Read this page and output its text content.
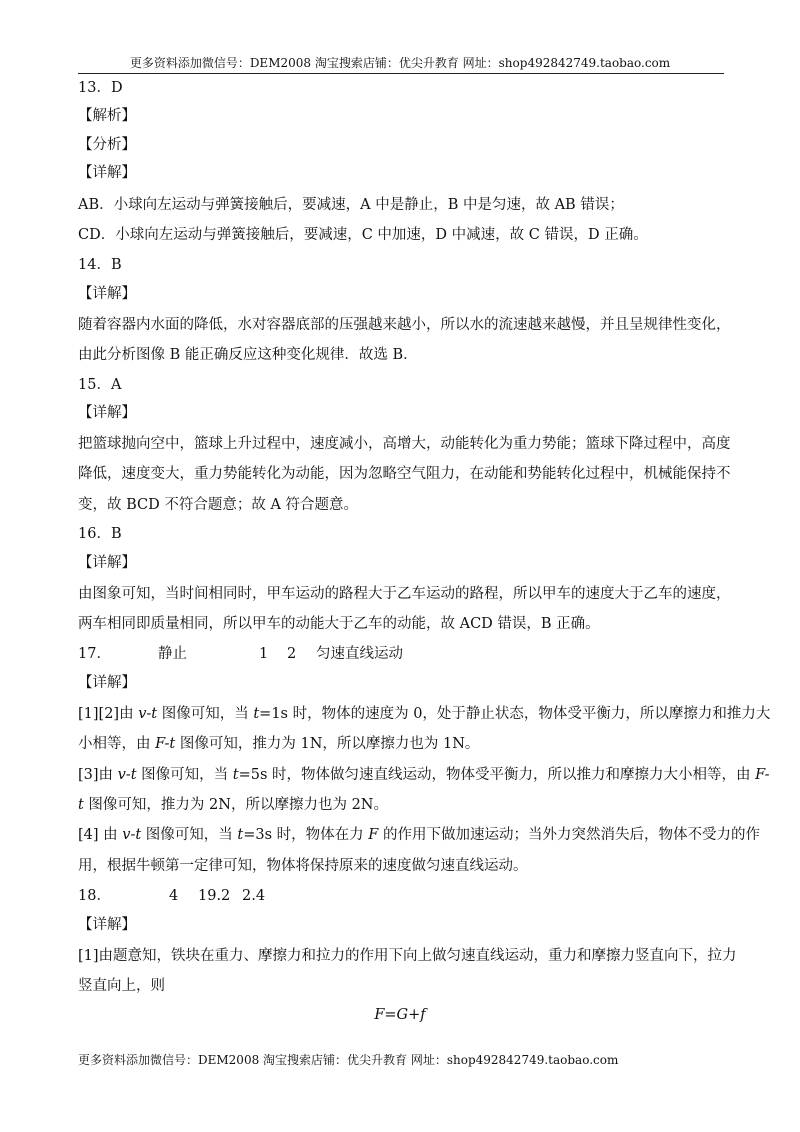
更多资料添加微信号：DEM2008 淘宝搜索店铺：优尖升教育 网址：shop492842749.taobao.com
13．D
【解析】
【分析】
【详解】
AB．小球向左运动与弹簧接触后，要减速，A 中是静止，B 中是匀速，故 AB 错误；
CD．小球向左运动与弹簧接触后，要减速，C 中加速，D 中减速，故 C 错误，D 正确。
14．B
【详解】
随着容器内水面的降低，水对容器底部的压强越来越小，所以水的流速越来越慢，并且呈规律性变化，
由此分析图像 B 能正确反应这种变化规律．故选 B．
15．A
【详解】
把篮球抛向空中，篮球上升过程中，速度减小，高增大，动能转化为重力势能；篮球下降过程中，高度
降低，速度变大，重力势能转化为动能，因为忽略空气阻力，在动能和势能转化过程中，机械能保持不
变，故 BCD 不符合题意；故 A 符合题意。
16．B
【详解】
由图象可知，当时间相同时，甲车运动的路程大于乙车运动的路程，所以甲车的速度大于乙车的速度，
两车相同即质量相同，所以甲车的动能大于乙车的动能，故 ACD 错误，B 正确。
17．	静止	1 2 匀速直线运动
【详解】
[1][2]由 v-t 图像可知，当 t=1s 时，物体的速度为 0，处于静止状态，物体受平衡力，所以摩擦力和推力大
小相等，由 F-t 图像可知，推力为 1N，所以摩擦力也为 1N。
[3]由 v-t 图像可知，当 t=5s 时，物体做匀速直线运动，物体受平衡力，所以推力和摩擦力大小相等，由 F-
t 图像可知，推力为 2N，所以摩擦力也为 2N。
[4] 由 v-t 图像可知，当 t=3s 时，物体在力 F 的作用下做加速运动；当外力突然消失后，物体不受力的作
用，根据牛顿第一定律可知，物体将保持原来的速度做匀速直线运动。
18．	4 19.2 2.4
【详解】
[1]由题意知，铁块在重力、摩擦力和拉力的作用下向上做匀速直线运动，重力和摩擦力竖直向下，拉力
竖直向上，则
F=G+f
更多资料添加微信号：DEM2008 淘宝搜索店铺：优尖升教育 网址：shop492842749.taobao.com
